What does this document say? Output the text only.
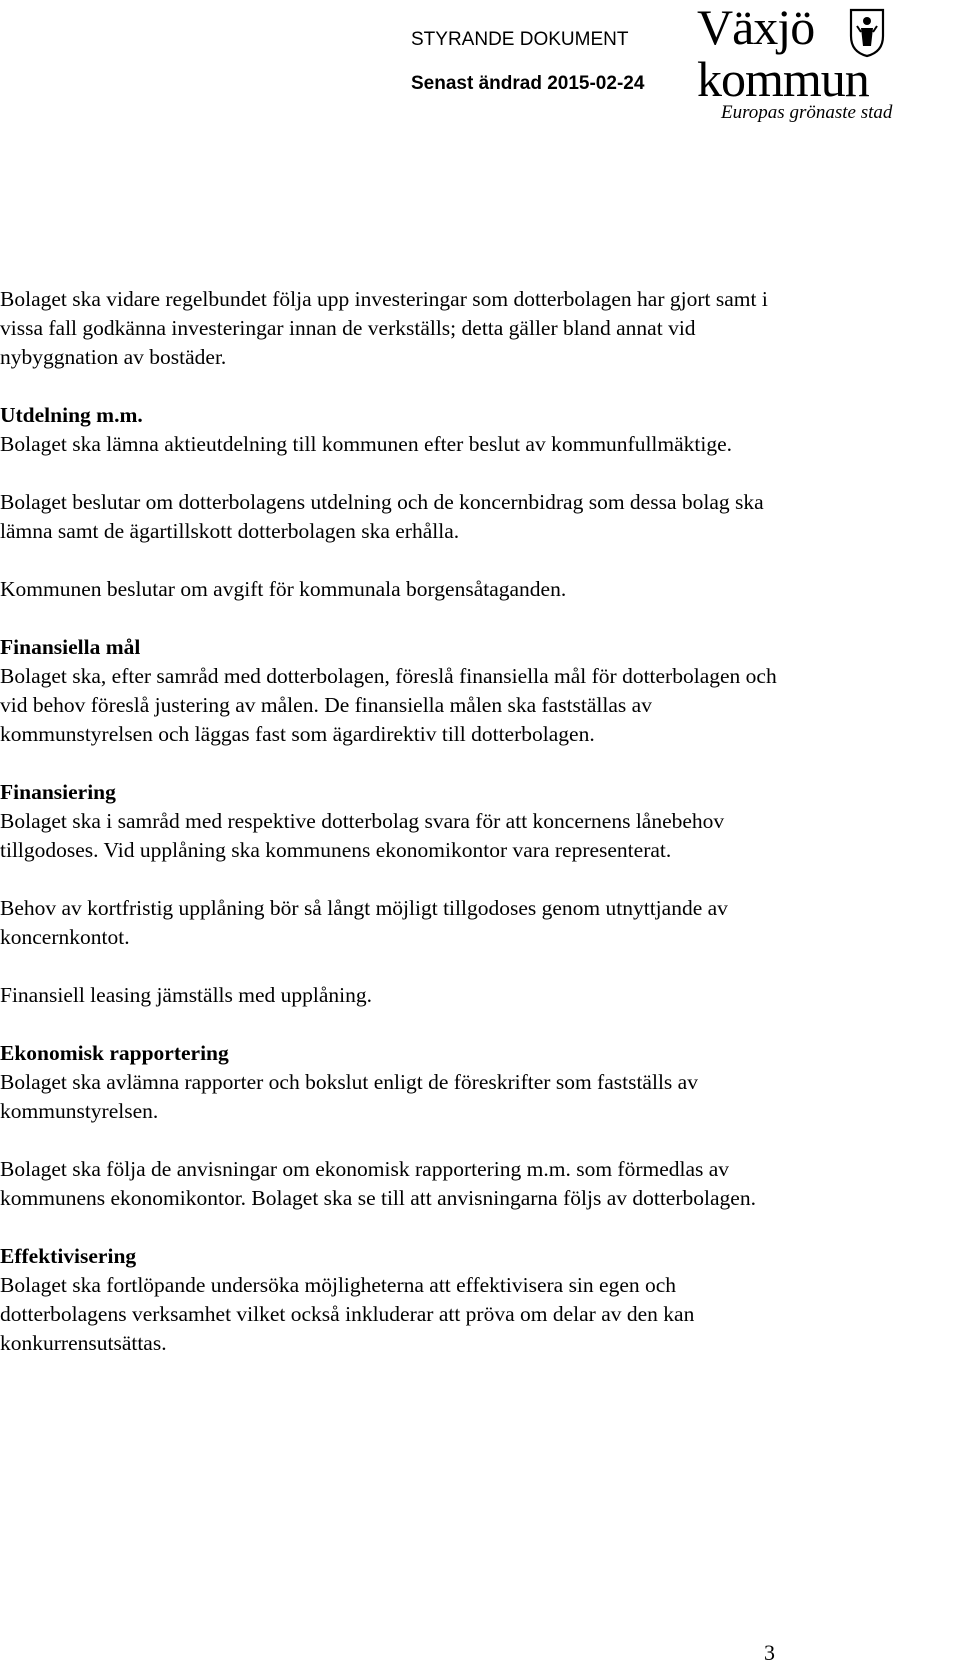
STYRANDE DOKUMENT
Senast ändrad 2015-02-24
Växjö
kommun
Europas grönaste stad

Bolaget ska vidare regelbundet följa upp investeringar som dotterbolagen har gjort samt i vissa fall godkänna investeringar innan de verkställs; detta gäller bland annat vid nybyggnation av bostäder.

Utdelning m.m.

Bolaget ska lämna aktieutdelning till kommunen efter beslut av kommunfullmäktige.

Bolaget beslutar om dotterbolagens utdelning och de koncernbidrag som dessa bolag ska lämna samt de ägartillskott dotterbolagen ska erhålla.

Kommunen beslutar om avgift för kommunala borgensåtaganden.

Finansiella mål

Bolaget ska, efter samråd med dotterbolagen, föreslå finansiella mål för dotterbolagen och vid behov föreslå justering av målen. De finansiella målen ska fastställas av kommunstyrelsen och läggas fast som ägardirektiv till dotterbolagen.

Finansiering

Bolaget ska i samråd med respektive dotterbolag svara för att koncernens lånebehov tillgodoses. Vid upplåning ska kommunens ekonomikontor vara representerat.

Behov av kortfristig upplåning bör så långt möjligt tillgodoses genom utnyttjande av koncernkontot.

Finansiell leasing jämställs med upplåning.

Ekonomisk rapportering

Bolaget ska avlämna rapporter och bokslut enligt de föreskrifter som fastställs av kommunstyrelsen.

Bolaget ska följa de anvisningar om ekonomisk rapportering m.m. som förmedlas av kommunens ekonomikontor. Bolaget ska se till att anvisningarna följs av dotterbolagen.

Effektivisering

Bolaget ska fortlöpande undersöka möjligheterna att effektivisera sin egen och dotterbolagens verksamhet vilket också inkluderar att pröva om delar av den kan konkurrensutsättas.

3
